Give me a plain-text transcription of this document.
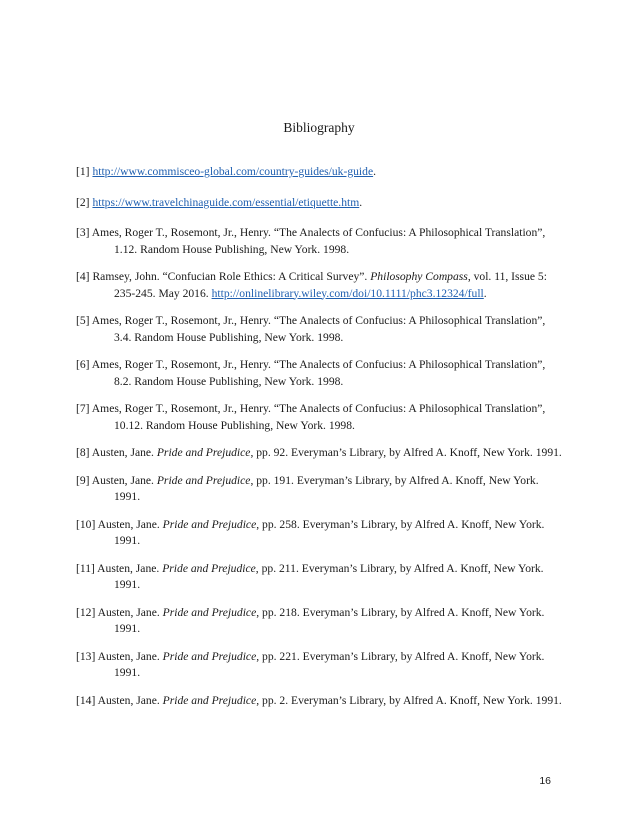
Bibliography

[1] http://www.commisceo-global.com/country-guides/uk-guide.

[2] https://www.travelchinaguide.com/essential/etiquette.htm.

[3] Ames, Roger T., Rosemont, Jr., Henry. “The Analects of Confucius: A Philosophical Translation”, 1.12. Random House Publishing, New York. 1998.

[4] Ramsey, John. “Confucian Role Ethics: A Critical Survey”. Philosophy Compass, vol. 11, Issue 5: 235-245. May 2016. http://onlinelibrary.wiley.com/doi/10.1111/phc3.12324/full.

[5] Ames, Roger T., Rosemont, Jr., Henry. “The Analects of Confucius: A Philosophical Translation”, 3.4. Random House Publishing, New York. 1998.

[6] Ames, Roger T., Rosemont, Jr., Henry. “The Analects of Confucius: A Philosophical Translation”, 8.2. Random House Publishing, New York. 1998.

[7] Ames, Roger T., Rosemont, Jr., Henry. “The Analects of Confucius: A Philosophical Translation”, 10.12. Random House Publishing, New York. 1998.

[8] Austen, Jane. Pride and Prejudice, pp. 92. Everyman’s Library, by Alfred A. Knoff, New York. 1991.

[9] Austen, Jane. Pride and Prejudice, pp. 191. Everyman’s Library, by Alfred A. Knoff, New York. 1991.

[10] Austen, Jane. Pride and Prejudice, pp. 258. Everyman’s Library, by Alfred A. Knoff, New York. 1991.

[11] Austen, Jane. Pride and Prejudice, pp. 211. Everyman’s Library, by Alfred A. Knoff, New York. 1991.

[12] Austen, Jane. Pride and Prejudice, pp. 218. Everyman’s Library, by Alfred A. Knoff, New York. 1991.

[13] Austen, Jane. Pride and Prejudice, pp. 221. Everyman’s Library, by Alfred A. Knoff, New York. 1991.

[14] Austen, Jane. Pride and Prejudice, pp. 2. Everyman’s Library, by Alfred A. Knoff, New York. 1991.

16
